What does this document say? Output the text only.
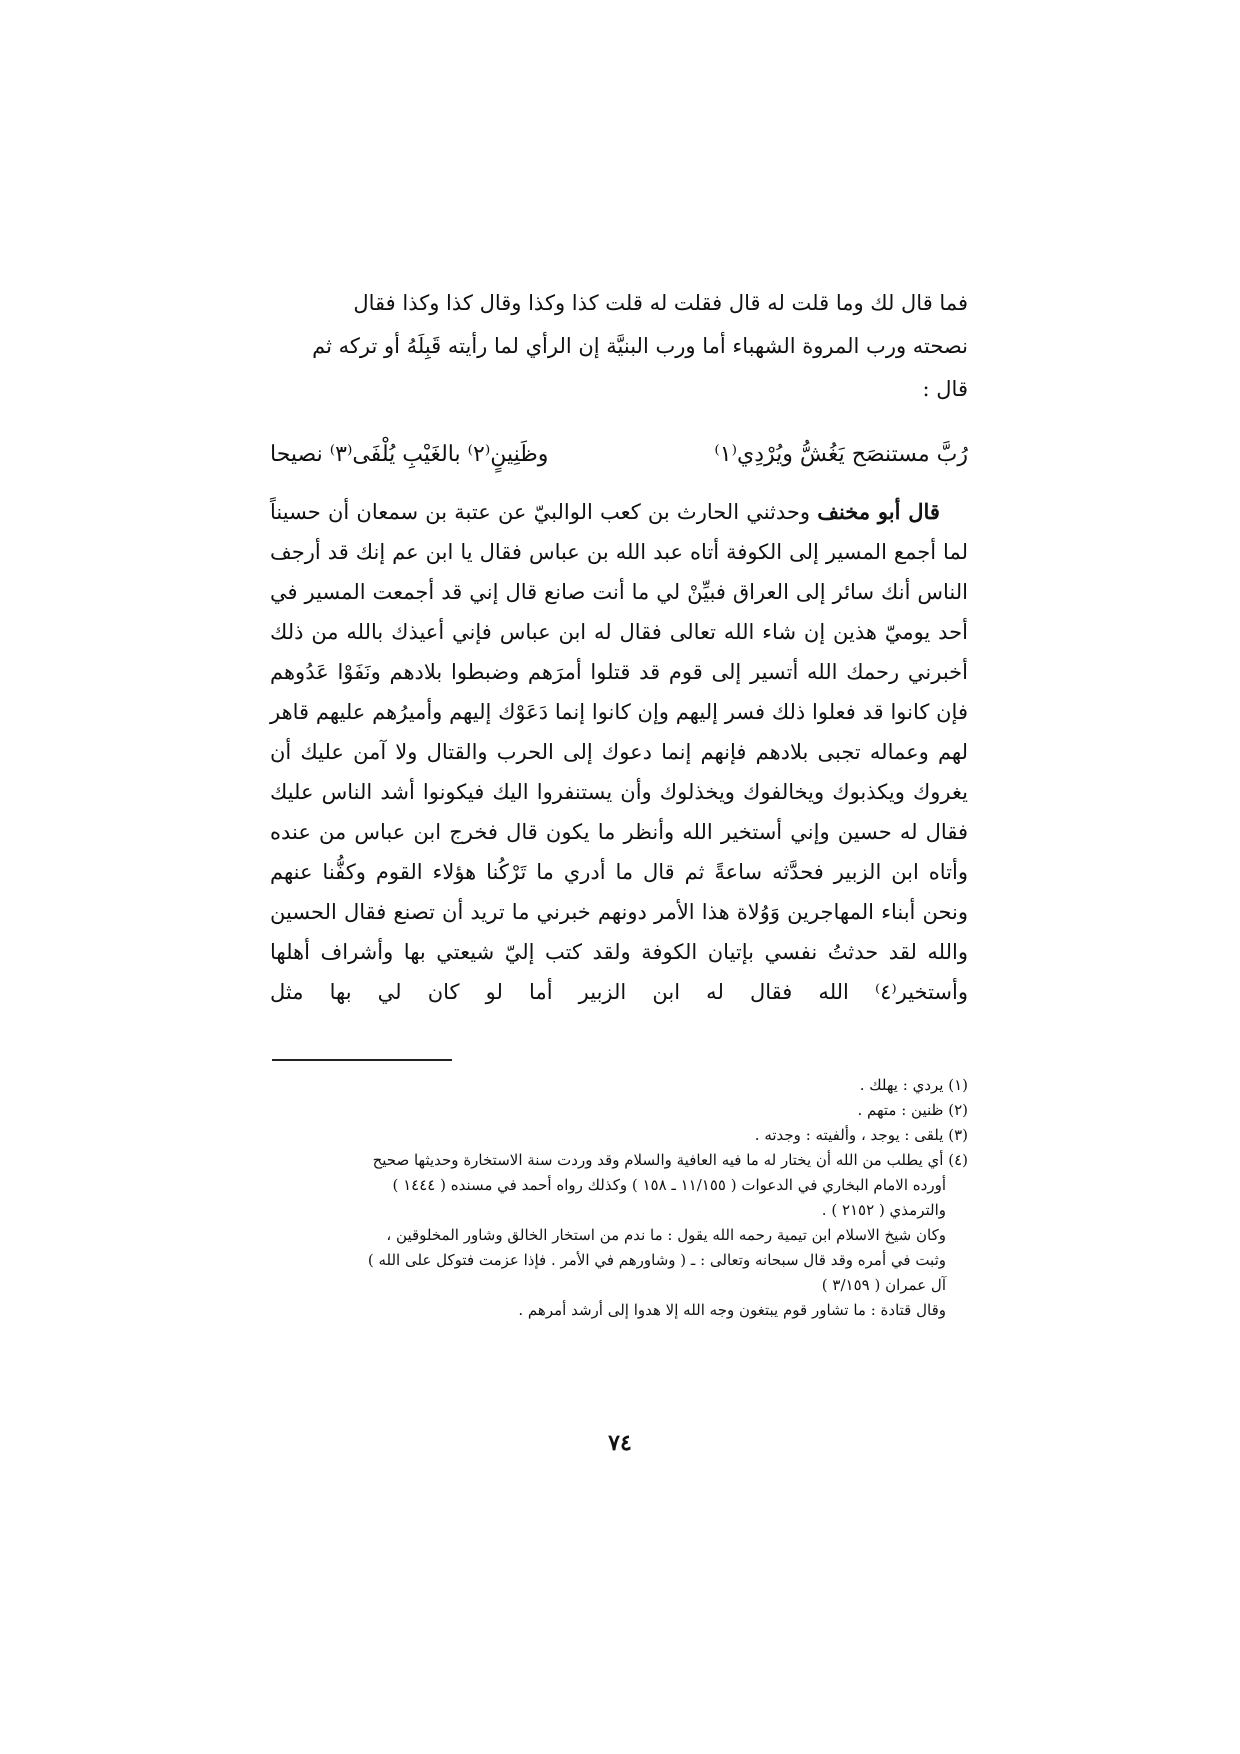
فما قال لك وما قلت له قال فقلت له قلت كذا وكذا وقال كذا وكذا فقال

نصحته ورب المروة الشهباء أما ورب البنيَّة إن الرأي لما رأيته قَبِلَهُ أو تركه ثم

قال :

رُبَّ مستنصَح يَغُشُّ ويُرْدِي⁽١⁾
وظَنِينٍ⁽٢⁾ بالغَيْبِ يُلْفَى⁽٣⁾ نصيحا

قال أبو مخنف وحدثني الحارث بن كعب الوالبيّ عن عتبة بن سمعان أن حسيناً لما أجمع المسير إلى الكوفة أتاه عبد الله بن عباس فقال يا ابن عم إنك قد أرجف الناس أنك سائر إلى العراق فبيِّنْ لي ما أنت صانع قال إني قد أجمعت المسير في أحد يوميّ هذين إن شاء الله تعالى فقال له ابن عباس فإني أعيذك بالله من ذلك أخبرني رحمك الله أتسير إلى قوم قد قتلوا أمرَهم وضبطوا بلادهم ونَفَوْا عَدُوهم فإن كانوا قد فعلوا ذلك فسر إليهم وإن كانوا إنما دَعَوْك إليهم وأميرُهم عليهم قاهر لهم وعماله تجبى بلادهم فإنهم إنما دعوك إلى الحرب والقتال ولا آمن عليك أن يغروك ويكذبوك ويخالفوك ويخذلوك وأن يستنفروا اليك فيكونوا أشد الناس عليك فقال له حسين وإني أستخير الله وأنظر ما يكون قال فخرج ابن عباس من عنده وأتاه ابن الزبير فحدَّثه ساعةً ثم قال ما أدري ما تَرْكُنا هؤلاء القوم وكفُّنا عنهم ونحن أبناء المهاجرين وَوُلاة هذا الأمر دونهم خبرني ما تريد أن تصنع فقال الحسين والله لقد حدثتُ نفسي بإتيان الكوفة ولقد كتب إليّ شيعتي بها وأشراف أهلها وأستخير⁽٤⁾ الله فقال له ابن الزبير أما لو كان لي بها مثل

(١) يردي : يهلك .

(٢) ظنين : متهم .

(٣) يلقى : يوجد ، وألفيته : وجدته .

(٤) أي يطلب من الله أن يختار له ما فيه العافية والسلام وقد وردت سنة الاستخارة وحديثها صحيح

أورده الامام البخاري في الدعوات ( ١١/١٥٥ ـ ١٥٨ ) وكذلك رواه أحمد في مسنده ( ١٤٤٤ )

والترمذي ( ٢١٥٢ ) .

وكان شيخ الاسلام ابن تيمية رحمه الله يقول : ما ندم من استخار الخالق وشاور المخلوقين ،

وثبت في أمره وقد قال سبحانه وتعالى : ـ ( وشاورهم في الأمر . فإذا عزمت فتوكل على الله )

آل عمران ( ٣/١٥٩ )

وقال قتادة : ما تشاور قوم يبتغون وجه الله إلا هدوا إلى أرشد أمرهم .

٧٤
